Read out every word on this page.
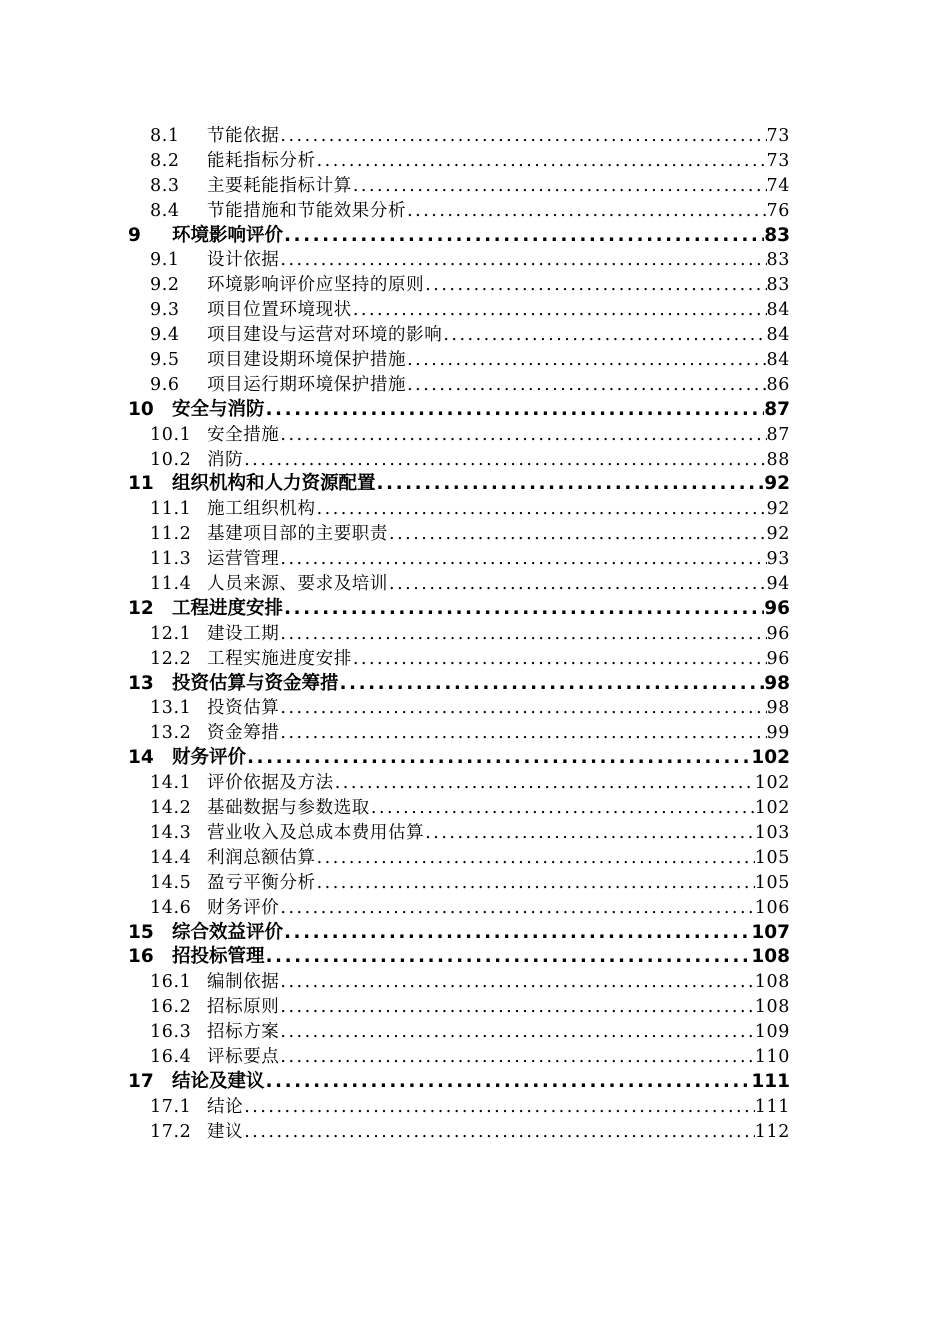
8.1	节能依据 .....	73
8.2	能耗指标分析 .....	73
8.3	主要耗能指标计算 .....	74
8.4	节能措施和节能效果分析 .....	76
9	环境影响评价 .....	83
9.1	设计依据 .....	83
9.2	环境影响评价应坚持的原则 .....	83
9.3	项目位置环境现状 .....	84
9.4	项目建设与运营对环境的影响 .....	84
9.5	项目建设期环境保护措施 .....	84
9.6	项目运行期环境保护措施 .....	86
10 安全与消防 .....	87
10.1 安全措施 .....	87
10.2 消防 .....	88
11 组织机构和人力资源配置 .....	92
11.1 施工组织机构 .....	92
11.2 基建项目部的主要职责 .....	92
11.3 运营管理 .....	93
11.4 人员来源、要求及培训 .....	94
12 工程进度安排 .....	96
12.1 建设工期 .....	96
12.2 工程实施进度安排 .....	96
13 投资估算与资金筹措 .....	98
13.1 投资估算 .....	98
13.2 资金筹措 .....	99
14 财务评价 .....	102
14.1 评价依据及方法 .....	102
14.2 基础数据与参数选取 .....	102
14.3 营业收入及总成本费用估算 .....	103
14.4 利润总额估算 .....	105
14.5 盈亏平衡分析 .....	105
14.6 财务评价 .....	106
15 综合效益评价 .....	107
16 招投标管理 .....	108
16.1 编制依据 .....	108
16.2 招标原则 .....	108
16.3 招标方案 .....	109
16.4 评标要点 .....	110
17 结论及建议 .....	111
17.1 结论 .....	111
17.2 建议 .....	112
